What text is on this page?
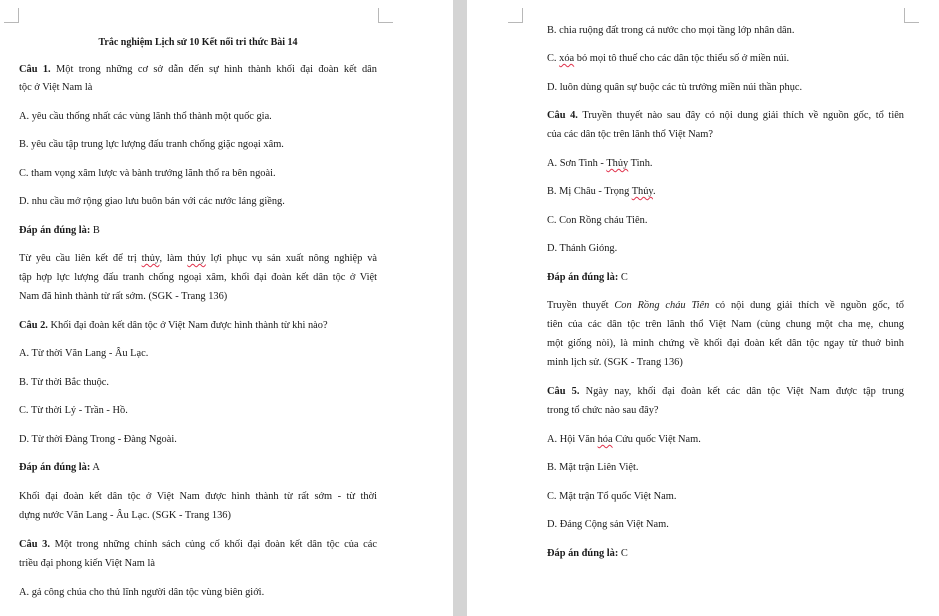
Trắc nghiệm Lịch sử 10 Kết nối tri thức Bài 14
Câu 1. Một trong những cơ sở dẫn đến sự hình thành khối đại đoàn kết dân
tộc ở Việt Nam là
A. yêu cầu thống nhất các vùng lãnh thổ thành một quốc gia.
B. yêu cầu tập trung lực lượng đấu tranh chống giặc ngoại xâm.
C. tham vọng xâm lược và bành trướng lãnh thổ ra bên ngoài.
D. nhu cầu mở rộng giao lưu buôn bán với các nước láng giềng.
Đáp án đúng là: B
Từ yêu cầu liên kết để trị thủy, làm thủy lợi phục vụ sản xuất nông nghiệp và
tập hợp lực lượng đấu tranh chống ngoại xâm, khối đại đoàn kết dân tộc ở Việt
Nam đã hình thành từ rất sớm. (SGK - Trang 136)
Câu 2. Khối đại đoàn kết dân tộc ở Việt Nam được hình thành từ khi nào?
A. Từ thời Văn Lang - Âu Lạc.
B. Từ thời Bắc thuộc.
C. Từ thời Lý - Trần - Hồ.
D. Từ thời Đàng Trong - Đàng Ngoài.
Đáp án đúng là: A
Khối đại đoàn kết dân tộc ở Việt Nam được hình thành từ rất sớm - từ thời
dựng nước Văn Lang - Âu Lạc. (SGK - Trang 136)
Câu 3. Một trong những chính sách củng cố khối đại đoàn kết dân tộc của các
triều đại phong kiến Việt Nam là
A. gả công chúa cho thủ lĩnh người dân tộc vùng biên giới.
B. chia ruộng đất trong cả nước cho mọi tầng lớp nhân dân.
C. xóa bỏ mọi tô thuế cho các dân tộc thiểu số ở miền núi.
D. luôn dùng quân sự buộc các tù trưởng miền núi thần phục.
Câu 4. Truyền thuyết nào sau đây có nội dung giải thích về nguồn gốc, tổ tiên
của các dân tộc trên lãnh thổ Việt Nam?
A. Sơn Tinh - Thủy Tinh.
B. Mị Châu - Trọng Thủy.
C. Con Rồng cháu Tiên.
D. Thánh Gióng.
Đáp án đúng là: C
Truyền thuyết Con Rồng cháu Tiên có nội dung giải thích về nguồn gốc, tổ
tiên của các dân tộc trên lãnh thổ Việt Nam (cùng chung một cha mẹ, chung
một giống nòi), là minh chứng về khối đại đoàn kết dân tộc ngay từ thuở bình
minh lịch sử. (SGK - Trang 136)
Câu 5. Ngày nay, khối đại đoàn kết các dân tộc Việt Nam được tập trung
trong tổ chức nào sau đây?
A. Hội Văn hóa Cứu quốc Việt Nam.
B. Mặt trận Liên Việt.
C. Mặt trận Tổ quốc Việt Nam.
D. Đảng Cộng sản Việt Nam.
Đáp án đúng là: C
